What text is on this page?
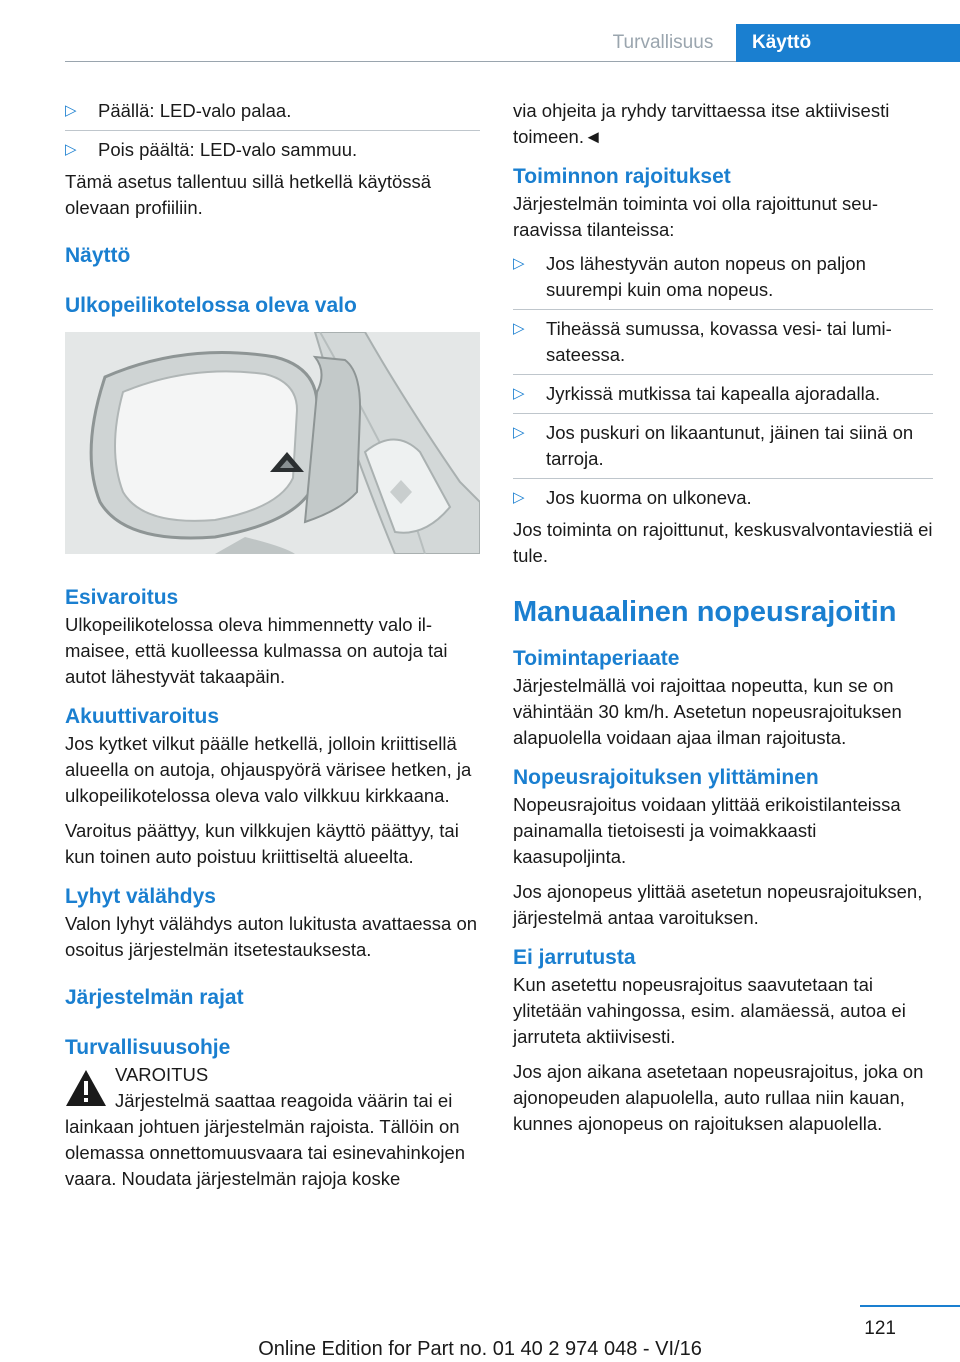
Turvallisuus	Käyttö
▷ Päällä: LED-valo palaa.
▷ Pois päältä: LED-valo sammuu.

Tämä asetus tallentuu sillä hetkellä käytössä olevaan profiiliin.

Näyttö
Ulkopeilikotelossa oleva valo
Esivaroitus

Ulkopeilikotelossa oleva himmennetty valo ilmaisee, että kuolleessa kulmassa on autoja tai autot lähestyvät takaapäin.

Akuuttivaroitus

Jos kytket vilkut päälle hetkellä, jolloin kriittisellä alueella on autoja, ohjauspyörä värisee hetken, ja ulkopeilikotelossa oleva valo vilkkuu kirkkaana.

Varoitus päättyy, kun vilkkujen käyttö päättyy, tai kun toinen auto poistuu kriittiseltä alueelta.

Lyhyt välähdys

Valon lyhyt välähdys auton lukitusta avattaessa on osoitus järjestelmän itsetestauksesta.

Järjestelmän rajat
Turvallisuusohje
VAROITUS
Järjestelmä saattaa reagoida väärin tai ei lainkaan johtuen järjestelmän rajoista. Tällöin on olemassa onnettomuusvaara tai esinevahinkojen vaara. Noudata järjestelmän rajoja koske

via ohjeita ja ryhdy tarvittaessa itse aktiivisesti toimeen.◄

Toiminnon rajoitukset

Järjestelmän toiminta voi olla rajoittunut seuraavissa tilanteissa:

▷ Jos lähestyvän auton nopeus on paljon suurempi kuin oma nopeus.
▷ Tiheässä sumussa, kovassa vesi- tai lumisateessa.
▷ Jyrkissä mutkissa tai kapealla ajoradalla.
▷ Jos puskuri on likaantunut, jäinen tai siinä on tarroja.
▷ Jos kuorma on ulkoneva.

Jos toiminta on rajoittunut, keskusvalvontaviestiä ei tule.

Manuaalinen nopeusrajoitin
Toimintaperiaate

Järjestelmällä voi rajoittaa nopeutta, kun se on vähintään 30 km/h. Asetetun nopeusrajoituksen alapuolella voidaan ajaa ilman rajoitusta.

Nopeusrajoituksen ylittäminen

Nopeusrajoitus voidaan ylittää erikoistilanteissa painamalla tietoisesti ja voimakkaasti kaasupoljinta.

Jos ajonopeus ylittää asetetun nopeusrajoituksen, järjestelmä antaa varoituksen.

Ei jarrutusta

Kun asetettu nopeusrajoitus saavutetaan tai ylitetään vahingossa, esim. alamäessä, autoa ei jarruteta aktiivisesti.

Jos ajon aikana asetetaan nopeusrajoitus, joka on ajonopeuden alapuolella, auto rullaa niin kauan, kunnes ajonopeus on rajoituksen alapuolella.

121
Online Edition for Part no. 01 40 2 974 048 - VI/16
